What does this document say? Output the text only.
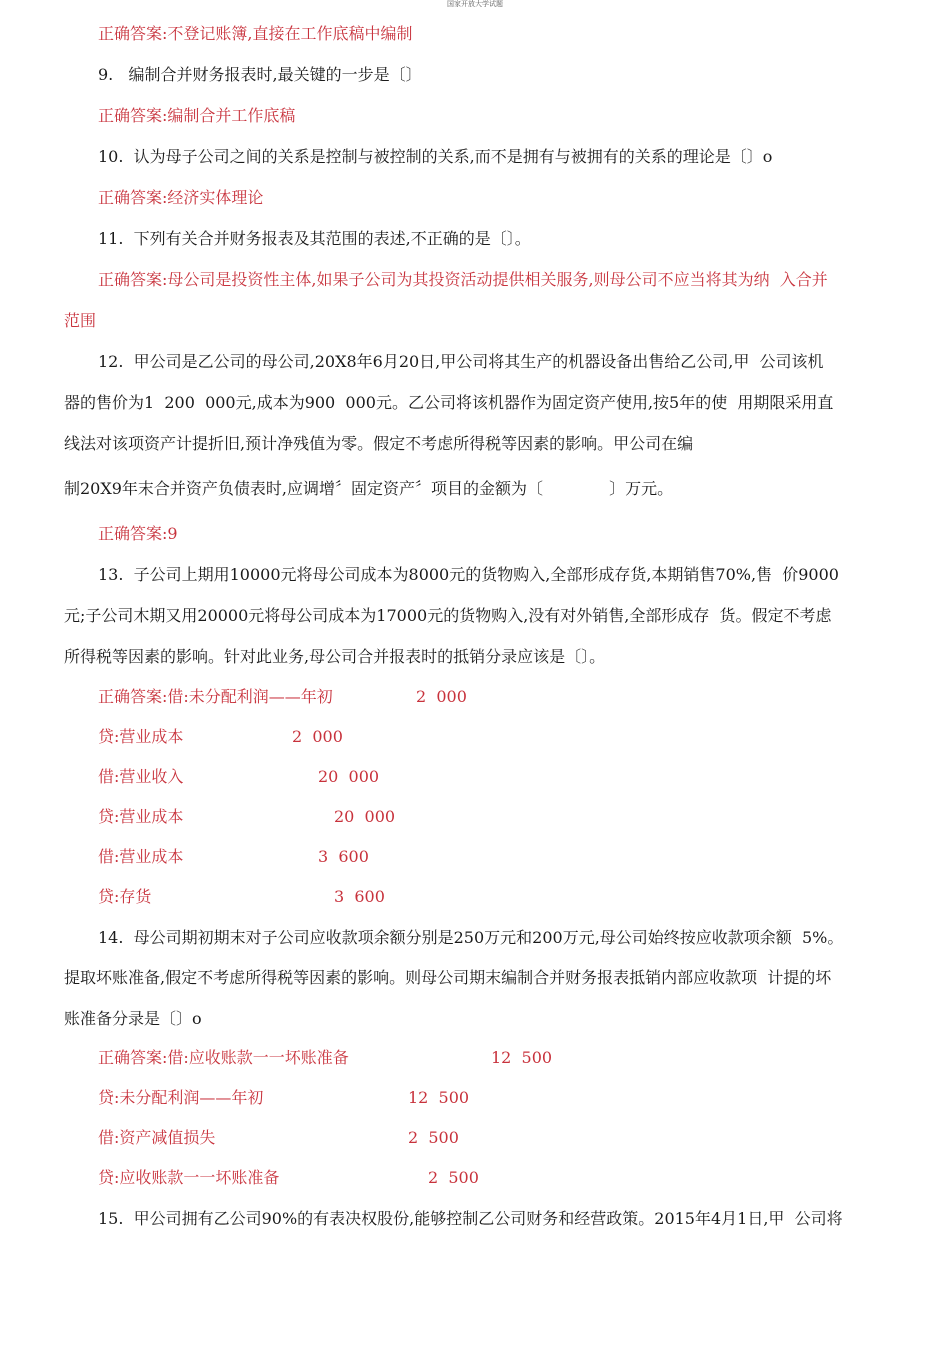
国家开放大学试题
正确答案:不登记账簿,直接在工作底稿中编制
9.   编制合并财务报表时,最关键的一步是〔〕
正确答案:编制合并工作底稿
10.  认为母子公司之间的关系是控制与被控制的关系,而不是拥有与被拥有的关系的理论是〔〕o
正确答案:经济实体理论
11.  下列有关合并财务报表及其范围的表述,不正确的是〔〕。
正确答案:母公司是投资性主体,如果子公司为其投资活动提供相关服务,则母公司不应当将其为纳  入合并
范围
12.  甲公司是乙公司的母公司,20X8年6月20日,甲公司将其生产的机器设备出售给乙公司,甲  公司该机
器的售价为1  200  000元,成本为900  000元。乙公司将该机器作为固定资产使用,按5年的使  用期限采用直
线法对该项资产计提折旧,预计净残值为零。假定不考虑所得税等因素的影响。甲公司在编
制20X9年末合并资产负债表时,应调增〞固定资产〞项目的金额为〔             〕万元。
正确答案:9
13.  子公司上期用10000元将母公司成本为8000元的货物购入,全部形成存货,本期销售70%,售  价9000
元;子公司木期又用20000元将母公司成本为17000元的货物购入,没有对外销售,全部形成存  货。假定不考虑
所得税等因素的影响。针对此业务,母公司合并报表时的抵销分录应该是〔〕。
正确答案:借:未分配利润——年初	2  000
贷:营业成本	2  000
借:营业收入	20  000
贷:营业成本	20  000
借:营业成本	3  600
贷:存货	3  600
14.  母公司期初期末对子公司应收款项余额分别是250万元和200万元,母公司始终按应收款项余额  5%。
提取坏账准备,假定不考虑所得税等因素的影响。则母公司期末编制合并财务报表抵销内部应收款项  计提的坏
账准备分录是〔〕o
正确答案:借:应收账款一一坏账准备	12  500
贷:未分配利润——年初	12  500
借:资产减值损失	2  500
贷:应收账款一一坏账准备	2  500
15.  甲公司拥有乙公司90%的有表决权股份,能够控制乙公司财务和经营政策。2015年4月1日,甲  公司将
